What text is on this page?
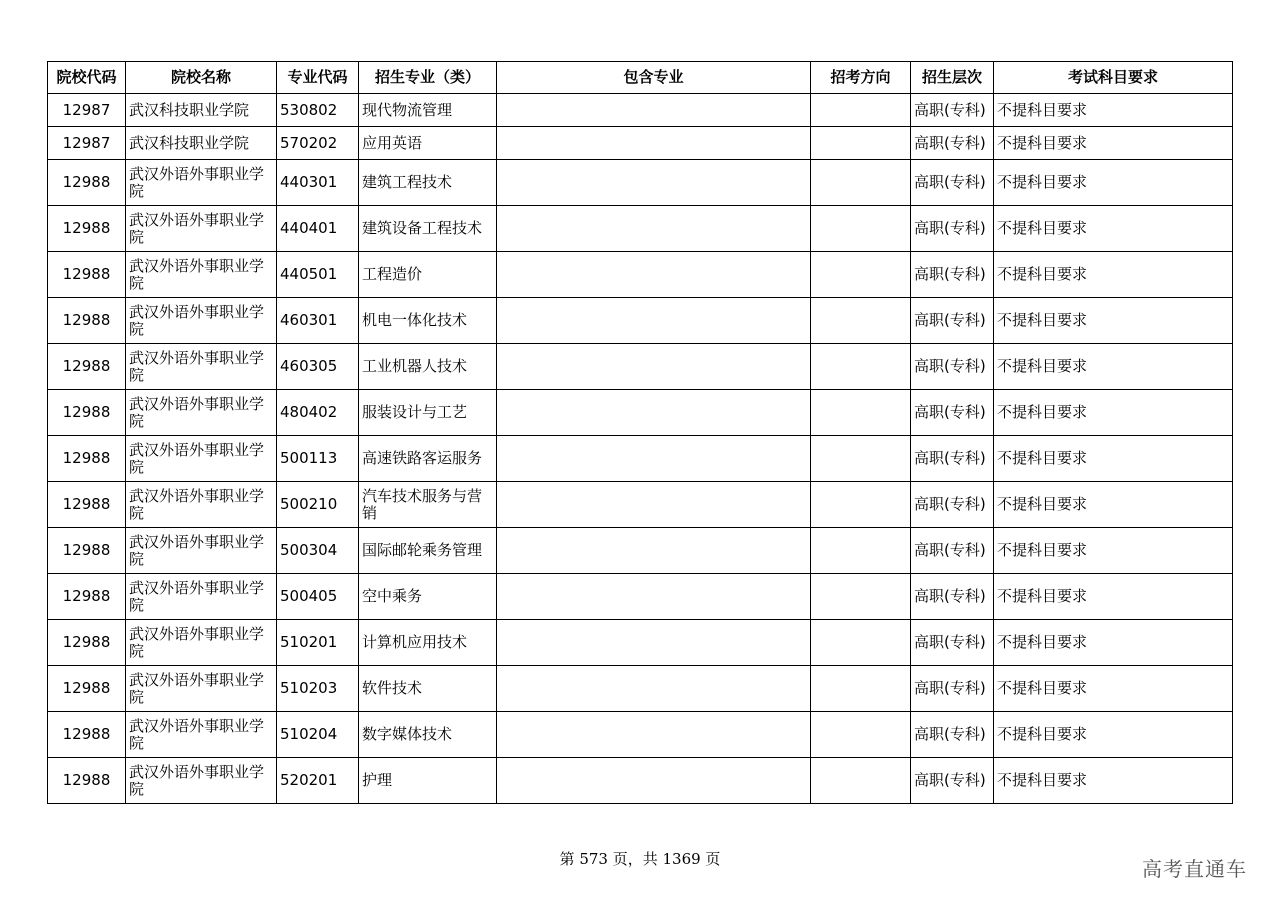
院校代码	院校名称	专业代码	招生专业（类）	包含专业	招考方向	招生层次	考试科目要求
12987	武汉科技职业学院	530802	现代物流管理			高职(专科)	不提科目要求
12987	武汉科技职业学院	570202	应用英语			高职(专科)	不提科目要求
12988	武汉外语外事职业学院	440301	建筑工程技术			高职(专科)	不提科目要求
12988	武汉外语外事职业学院	440401	建筑设备工程技术			高职(专科)	不提科目要求
12988	武汉外语外事职业学院	440501	工程造价			高职(专科)	不提科目要求
12988	武汉外语外事职业学院	460301	机电一体化技术			高职(专科)	不提科目要求
12988	武汉外语外事职业学院	460305	工业机器人技术			高职(专科)	不提科目要求
12988	武汉外语外事职业学院	480402	服装设计与工艺			高职(专科)	不提科目要求
12988	武汉外语外事职业学院	500113	高速铁路客运服务			高职(专科)	不提科目要求
12988	武汉外语外事职业学院	500210	汽车技术服务与营销			高职(专科)	不提科目要求
12988	武汉外语外事职业学院	500304	国际邮轮乘务管理			高职(专科)	不提科目要求
12988	武汉外语外事职业学院	500405	空中乘务			高职(专科)	不提科目要求
12988	武汉外语外事职业学院	510201	计算机应用技术			高职(专科)	不提科目要求
12988	武汉外语外事职业学院	510203	软件技术			高职(专科)	不提科目要求
12988	武汉外语外事职业学院	510204	数字媒体技术			高职(专科)	不提科目要求
12988	武汉外语外事职业学院	520201	护理			高职(专科)	不提科目要求
第 573 页，共 1369 页	高考直通车
